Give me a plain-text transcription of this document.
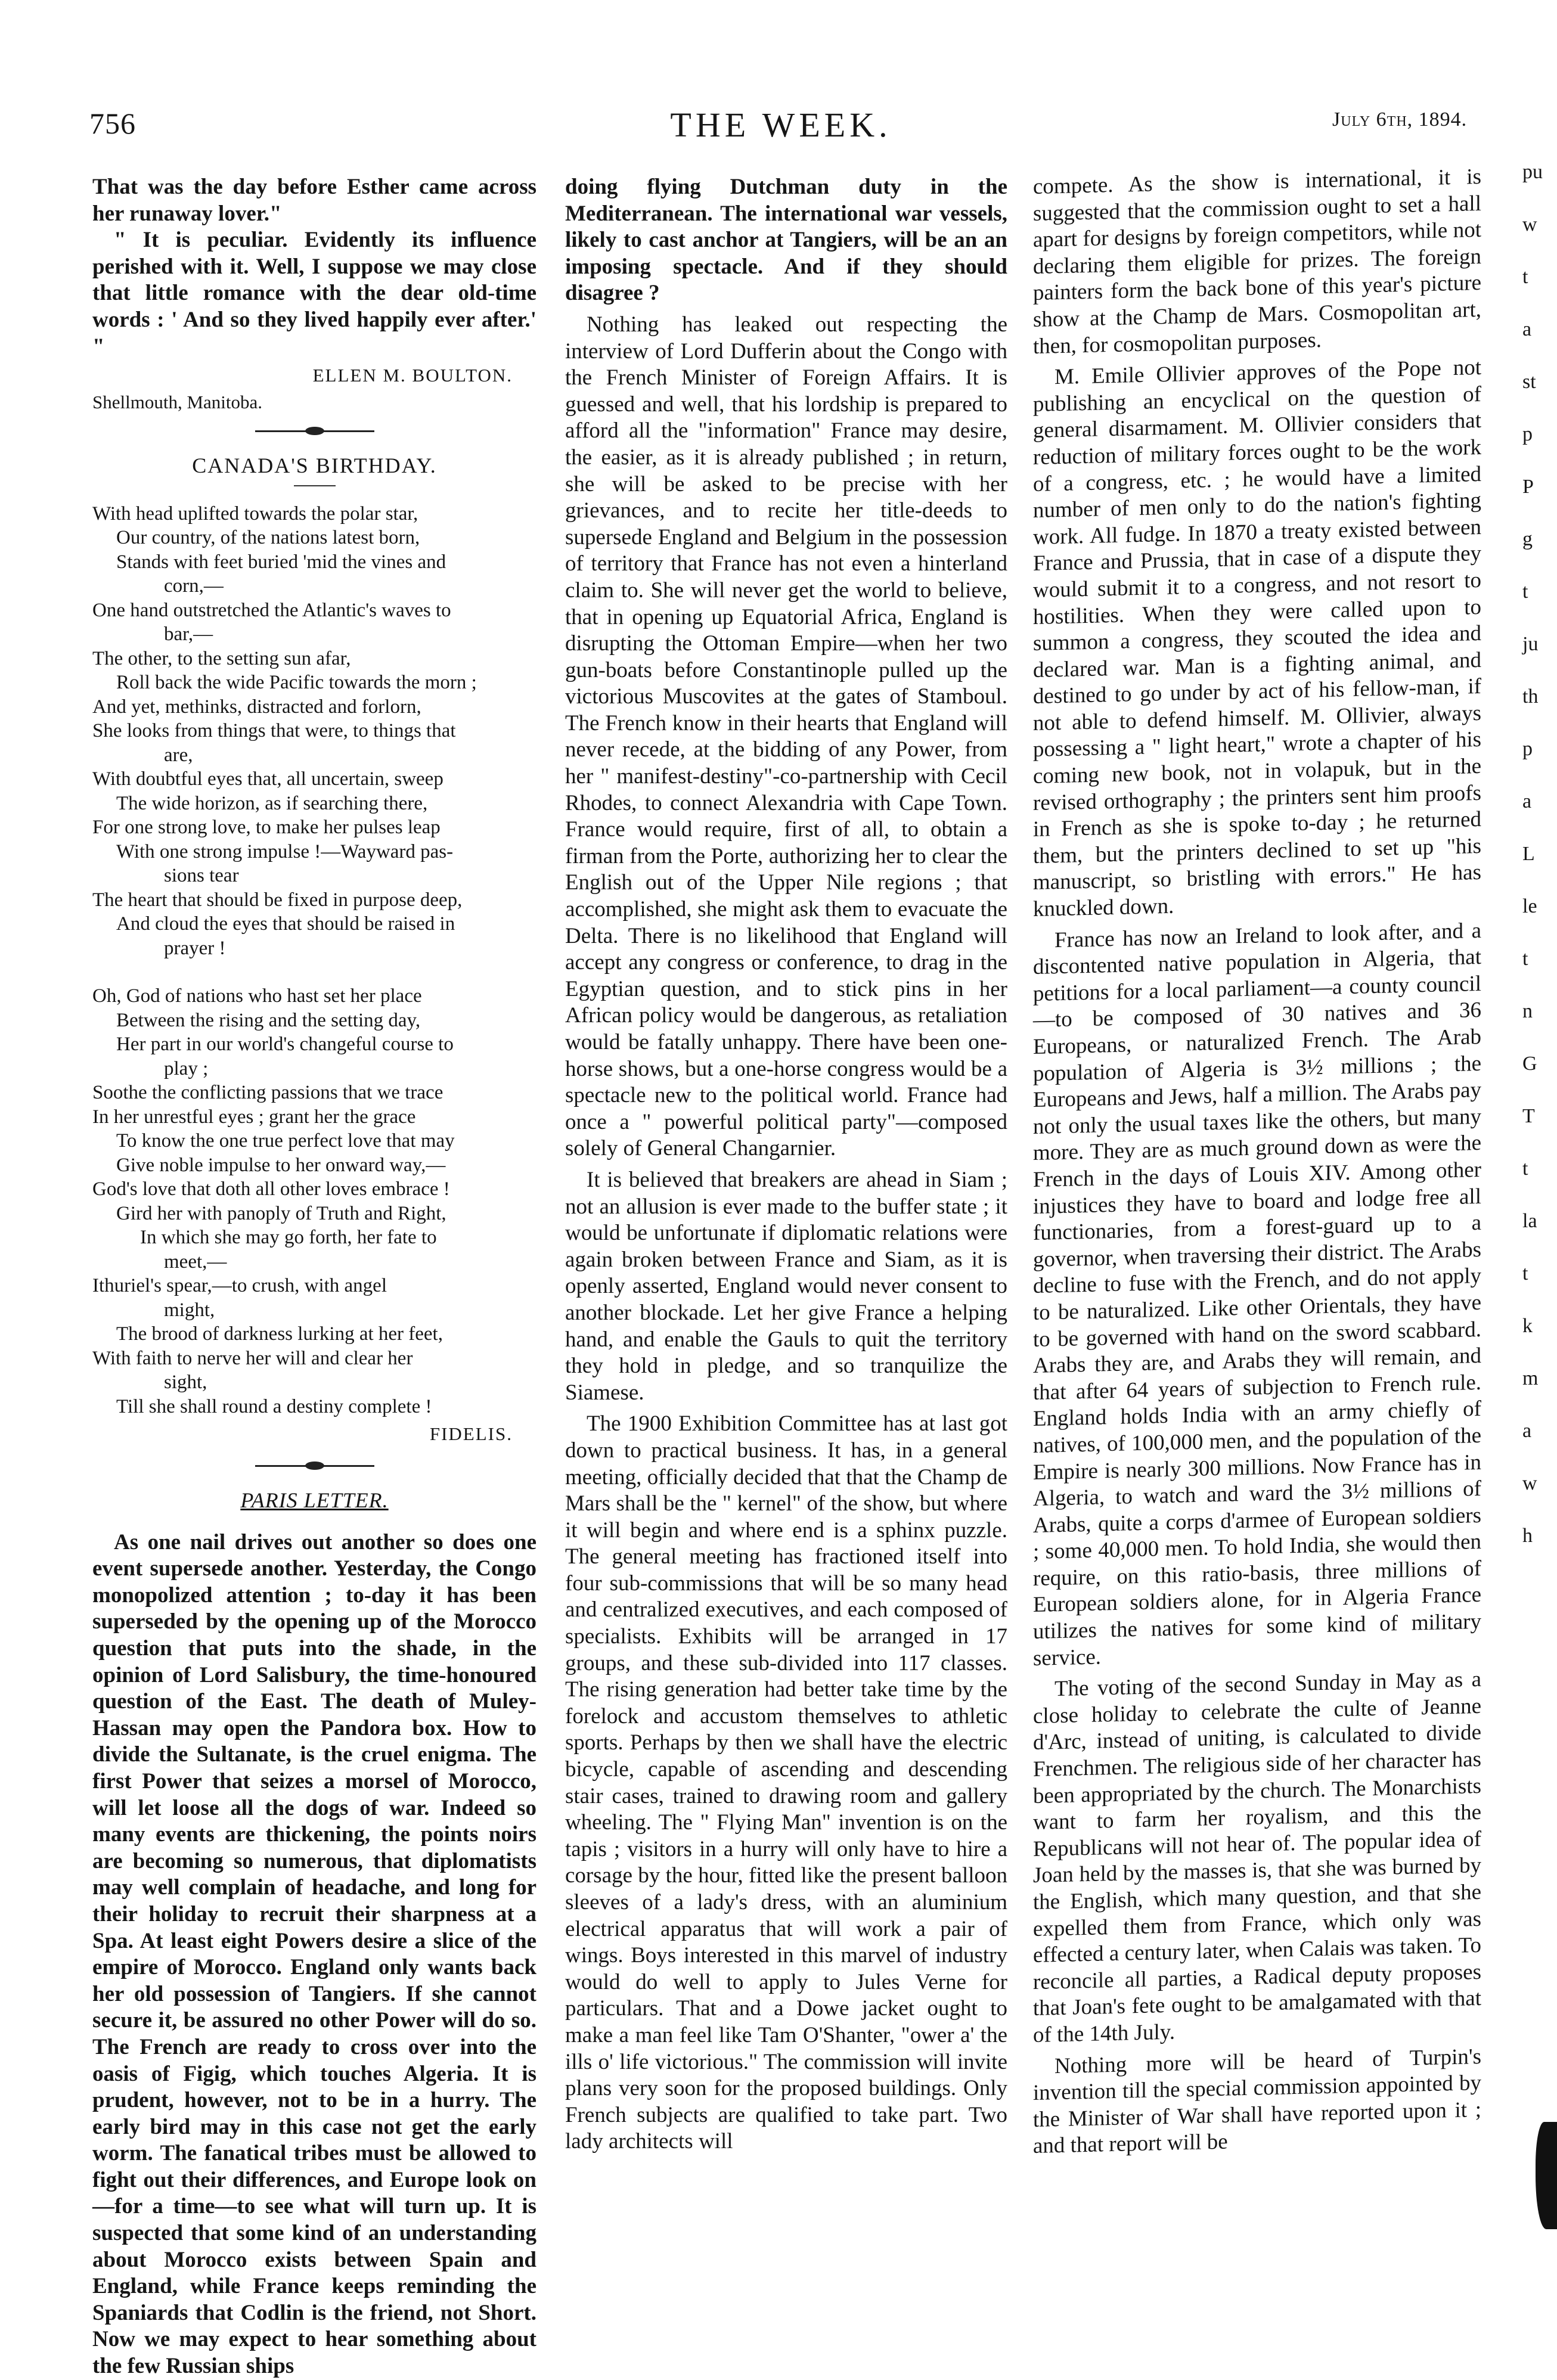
756	THE WEEK.	July 6th, 1894.

That was the day before Esther came across her runaway lover."

" It is peculiar. Evidently its influence perished with it. Well, I suppose we may close that little romance with the dear old-time words : ' And so they lived happily ever after.' "

ELLEN M. BOULTON.

Shellmouth, Manitoba.

CANADA'S BIRTHDAY.

With head uplifted towards the polar star,
Our country, of the nations latest born,
Stands with feet buried 'mid the vines and
corn,—
One hand outstretched the Atlantic's waves to
bar,—
The other, to the setting sun afar,
Roll back the wide Pacific towards the morn ;
And yet, methinks, distracted and forlorn,
She looks from things that were, to things that
are,
With doubtful eyes that, all uncertain, sweep
The wide horizon, as if searching there,
For one strong love, to make her pulses leap
With one strong impulse !—Wayward pas-
sions tear
The heart that should be fixed in purpose deep,
And cloud the eyes that should be raised in
prayer !
Oh, God of nations who hast set her place
Between the rising and the setting day,
Her part in our world's changeful course to
play ;
Soothe the conflicting passions that we trace
In her unrestful eyes ; grant her the grace
To know the one true perfect love that may
Give noble impulse to her onward way,—
God's love that doth all other loves embrace !
Gird her with panoply of Truth and Right,
In which she may go forth, her fate to
meet,—
Ithuriel's spear,—to crush, with angel
might,
The brood of darkness lurking at her feet,
With faith to nerve her will and clear her
sight,
Till she shall round a destiny complete !

FIDELIS.

PARIS LETTER.

As one nail drives out another so does one event supersede another. Yesterday, the Congo monopolized attention ; to-day it has been superseded by the opening up of the Morocco question that puts into the shade, in the opinion of Lord Salisbury, the time-honoured question of the East. The death of Muley-Hassan may open the Pandora box. How to divide the Sultanate, is the cruel enigma. The first Power that seizes a morsel of Morocco, will let loose all the dogs of war. Indeed so many events are thickening, the points noirs are becoming so numerous, that diplomatists may well complain of headache, and long for their holiday to recruit their sharpness at a Spa. At least eight Powers desire a slice of the empire of Morocco. England only wants back her old possession of Tangiers. If she cannot secure it, be assured no other Power will do so. The French are ready to cross over into the oasis of Figig, which touches Algeria. It is prudent, however, not to be in a hurry. The early bird may in this case not get the early worm. The fanatical tribes must be allowed to fight out their differences, and Europe look on—for a time—to see what will turn up. It is suspected that some kind of an understanding about Morocco exists between Spain and England, while France keeps reminding the Spaniards that Codlin is the friend, not Short. Now we may expect to hear something about the few Russian ships

doing flying Dutchman duty in the Mediterranean. The international war vessels, likely to cast anchor at Tangiers, will be an an imposing spectacle. And if they should disagree ?

Nothing has leaked out respecting the interview of Lord Dufferin about the Congo with the French Minister of Foreign Affairs. It is guessed and well, that his lordship is prepared to afford all the "information" France may desire, the easier, as it is already published ; in return, she will be asked to be precise with her grievances, and to recite her title-deeds to supersede England and Belgium in the possession of territory that France has not even a hinterland claim to. She will never get the world to believe, that in opening up Equatorial Africa, England is disrupting the Ottoman Empire—when her two gun-boats before Constantinople pulled up the victorious Muscovites at the gates of Stamboul. The French know in their hearts that England will never recede, at the bidding of any Power, from her " manifest-destiny"-co-partnership with Cecil Rhodes, to connect Alexandria with Cape Town. France would require, first of all, to obtain a firman from the Porte, authorizing her to clear the English out of the Upper Nile regions ; that accomplished, she might ask them to evacuate the Delta. There is no likelihood that England will accept any congress or conference, to drag in the Egyptian question, and to stick pins in her African policy would be dangerous, as retaliation would be fatally unhappy. There have been one-horse shows, but a one-horse congress would be a spectacle new to the political world. France had once a " powerful political party"—composed solely of General Changarnier.

It is believed that breakers are ahead in Siam ; not an allusion is ever made to the buffer state ; it would be unfortunate if diplomatic relations were again broken between France and Siam, as it is openly asserted, England would never consent to another blockade. Let her give France a helping hand, and enable the Gauls to quit the territory they hold in pledge, and so tranquilize the Siamese.

The 1900 Exhibition Committee has at last got down to practical business. It has, in a general meeting, officially decided that that the Champ de Mars shall be the " kernel" of the show, but where it will begin and where end is a sphinx puzzle. The general meeting has fractioned itself into four sub-commissions that will be so many head and centralized executives, and each composed of specialists. Exhibits will be arranged in 17 groups, and these sub-divided into 117 classes. The rising generation had better take time by the forelock and accustom themselves to athletic sports. Perhaps by then we shall have the electric bicycle, capable of ascending and descending stair cases, trained to drawing room and gallery wheeling. The " Flying Man" invention is on the tapis ; visitors in a hurry will only have to hire a corsage by the hour, fitted like the present balloon sleeves of a lady's dress, with an aluminium electrical apparatus that will work a pair of wings. Boys interested in this marvel of industry would do well to apply to Jules Verne for particulars. That and a Dowe jacket ought to make a man feel like Tam O'Shanter, "ower a' the ills o' life victorious." The commission will invite plans very soon for the proposed buildings. Only French subjects are qualified to take part. Two lady architects will

compete. As the show is international, it is suggested that the commission ought to set a hall apart for designs by foreign competitors, while not declaring them eligible for prizes. The foreign painters form the back bone of this year's picture show at the Champ de Mars. Cosmopolitan art, then, for cosmopolitan purposes.

M. Emile Ollivier approves of the Pope not publishing an encyclical on the question of general disarmament. M. Ollivier considers that reduction of military forces ought to be the work of a congress, etc. ; he would have a limited number of men only to do the nation's fighting work. All fudge. In 1870 a treaty existed between France and Prussia, that in case of a dispute they would submit it to a congress, and not resort to hostilities. When they were called upon to summon a congress, they scouted the idea and declared war. Man is a fighting animal, and destined to go under by act of his fellow-man, if not able to defend himself. M. Ollivier, always possessing a " light heart," wrote a chapter of his coming new book, not in volapuk, but in the revised orthography ; the printers sent him proofs in French as she is spoke to-day ; he returned them, but the printers declined to set up "his manuscript, so bristling with errors." He has knuckled down.

France has now an Ireland to look after, and a discontented native population in Algeria, that petitions for a local parliament—a county council—to be composed of 30 natives and 36 Europeans, or naturalized French. The Arab population of Algeria is 3½ millions ; the Europeans and Jews, half a million. The Arabs pay not only the usual taxes like the others, but many more. They are as much ground down as were the French in the days of Louis XIV. Among other injustices they have to board and lodge free all functionaries, from a forest-guard up to a governor, when traversing their district. The Arabs decline to fuse with the French, and do not apply to be naturalized. Like other Orientals, they have to be governed with hand on the sword scabbard. Arabs they are, and Arabs they will remain, and that after 64 years of subjection to French rule. England holds India with an army chiefly of natives, of 100,000 men, and the population of the Empire is nearly 300 millions. Now France has in Algeria, to watch and ward the 3½ millions of Arabs, quite a corps d'armee of European soldiers ; some 40,000 men. To hold India, she would then require, on this ratio-basis, three millions of European soldiers alone, for in Algeria France utilizes the natives for some kind of military service.

The voting of the second Sunday in May as a close holiday to celebrate the culte of Jeanne d'Arc, instead of uniting, is calculated to divide Frenchmen. The religious side of her character has been appropriated by the church. The Monarchists want to farm her royalism, and this the Republicans will not hear of. The popular idea of Joan held by the masses is, that she was burned by the English, which many question, and that she expelled them from France, which only was effected a century later, when Calais was taken. To reconcile all parties, a Radical deputy proposes that Joan's fete ought to be amalgamated with that of the 14th July.

Nothing more will be heard of Turpin's invention till the special commission appointed by the Minister of War shall have reported upon it ; and that report will be

pu
w
t
a
st
p
P
g
t
ju
th
p
a
L
le
t
n
G
T
t
la
t
k
m
a
w
h
